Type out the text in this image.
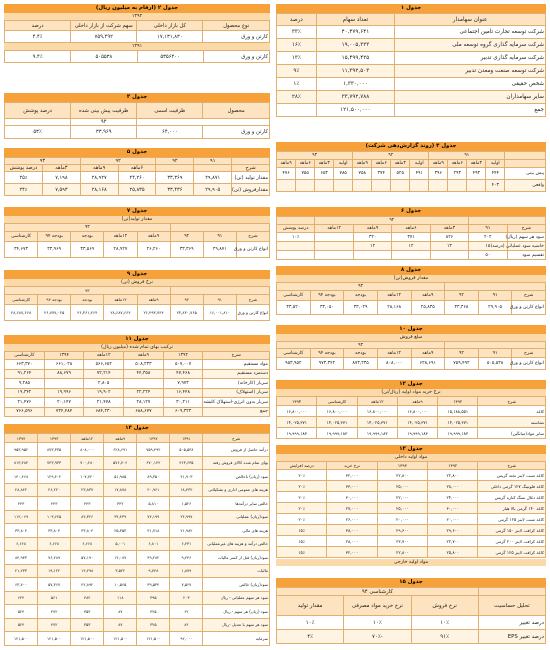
جدول ۱
عنوان سهامدار	تعداد سهام	درصد
شرکت توسعه تجارت تامین اجتماعی	۴۰,۴۷۹,۶۴۱	۳۳٪
شرکت سرمایه گذاری گروه توسعه ملی	۱۹,۰۰۵,۳۲۳	۱۶٪
شرکت سرمایه گذاری تدبیر	۱۵,۴۹۹,۴۲۵	۱۳٪
شرکت توسعه صنعت ومعدن تدبیر	۱۱,۳۹۲,۵۰۳	۹٪
شخص حقیقی	۱,۳۳۰,۰۰۰	۱٪
سایر سهامداران	۳۳,۷۹۲,۷۸۸	۲۸٪
جمع	۱۲۱,۵۰۰,۰۰۰	
جدول ۴ (روند گزارش‌دهی شرکت)
	۹۱				۹۲				۹۳			
	اولیه	۳ماهه	۶ماهه	۹ماهه	اولیه	۳ماهه	۶ماهه	۹ماهه	اولیه	۳ماهه	۶ماهه	۹ماهه
پیش بینی	۴۴۴	۴۹۳	۲۹۳	۳۹۶	۴۹۱	۵۲۵	۳۷۴	۷۵۸	۷۸۵	۶۵۳	۷۵۵	۴۷۶
واقعی	۴۰۳											
جدول ۶
		۹۲				
شرح	۹۱	۳ماهه	۶ماهه	۹ماهه	۱۲ماهه	درصد پوشش
سود هر سهم (ریال)	۲۰۲	۸۲۶	۳۷۱	۳۲۰		۱۰٪
حاشیه سود عملیاتی (درصد)	۱۵	۱۳	۱۲	۱۲		
تقسیم سود	۵۰					
جدول ۸
مقدار فروش(تن)
			۹۳				
شرح	۹۱	۹۲	۹ماهه	۱۲ماهه	بودجه	بودجه ۹۴	کارشناسی
انواع کارتن و ورق	۲۹,۹۰۵	۳۳,۳۶۸	۲۵,۸۳۵	۲۸,۱۶۸	۳۳,۰۲۹	۳۳,۰۵۰	۳۳,۵۲۰
جدول ۱۰
مبلغ فروش
			۹۳				
شرح	۹۱	۹۲	۹ماهه	۱۲ماهه	بودجه	بودجه ۹۴	کارشناسی
انواع کارتن و ورق	۵۰۵,۵۳۸	۷۵۹,۴۹۲	۶۲۸,۶۹۱	۸۰۸,۰۰۰	۸۷۳,۳۳۵	۹۷۳,۳۴۲	۹۵۳,۹۵۲
جدول ۱۲
نرخ خرید مواد اولیه (ریال/تن)
شرح	۱۳۹۲	۹ماهه	۱۲ماهه	کارشناسی	۱۳۹۴
کاغذ	۱۵,۱۸۸,۵۵۱	۱۶,۸۰۰,۰۰۰	۱۶,۸۰۰,۰۰۰	۱۶,۸۰۰,۰۰۰	۱۶,۸۰۰,۰۰۰
نشاسته	۱۴,۰۲۵,۳۷۱	۱۴,۰۲۵,۳۷۱	۱۴,۰۲۵,۳۷۱	۱۴,۰۲۵,۳۷۱	۱۴,۰۲۵,۳۷۱
سایر مواد(میانگین)	۱۹,۹۹۹,۱۸۳	۱۹,۹۹۹,۱۸۳	۱۹,۹۹۹,۱۸۳	۱۹,۹۹۹,۱۸۳	۱۹,۹۹۹,۱۸۳
جدول ۱۳
مواد اولیه داخلی
شرح	۱۳۹۲	۱۳۹۳	نرخ خرید	درصد افزایش
کاغذ تست لاینر تخته گریس	۲۲,۸۰۰	۲۲,۸۰۰	۳۲,۰۰۰	۲۰٪
کاغذ فلوتینگ ۱۲۷ گرمی داخلی	۲۸,۰۰۰	۲۵,۰۰۰	۳۳,۰۰۰	۲۰٪
کاغذ ذغال سنگ کناره گریس	۲۴,۰۰۰	۲۲,۰۰۰	۳۰,۰۰۰	۲۰٪
کاغذ ۱۴۰ گرمی بالا هبار	۳۰,۰۰۰	۲۵,۰۰۰	۲۷,۰۰۰	۲۰٪
کاغذ تست لاینر ۱۲۵ گرمی	۲۰,۰۰۰	۲۰,۰۰۰	۲۶,۰۰۰	۲۰٪
کاغذ کرافت لاینر ۱۵۰ گرمی	۲۹,۶۰۰	۲۹,۶۰۰	۳۸,۰۰۰	۱۵٪
کاغذ کرافت لاینر ۲۰۰ گرمی	۲۲,۷۰۰	۲۳,۷۰۰	۲۸,۰۰۰	۱۵٪
کاغذ کرافت لاینر ۱۲۵ گرمی	۲۵,۸۰۰	۲۲,۸۰۰	۳۲,۰۰۰	۱۵٪
مواد اولیه خارجی
جدول ۱۵
	کارشناسی ۹۴		
تحلیل حساسیت	نرخ فروش	نرخ خرید مواد مصرفی	مقدار تولید
درصد تغییر	۱۰٪	۱۰٪	۱۰٪
درصد تغییر EPS	۹۱٪	-۷۰٪	۴٪
جدول ۲ (ارقام به میلیون ریال)
۱۳۹۲
نوع محصول	کل بازار داخلی	سهم شرکت از بازار داخلی	درصد
کارتن و ورق	۱۷,۱۳۱,۸۳۰	۷۵۹,۴۹۲	۴.۴٪
۱۳۹۱
کارتن و ورق	۵۳۵۶۴۰۰	۵۰۵۵۳۸	۹.۴٪
جدول ۳
محصول	ظرفیت اسمی	ظرفیت پیش بینی شده	درصد پوشش
		۹۴	
کارتن و ورق	۶۴,۰۰۰	۳۳,۹۶۹	۵۳٪
جدول ۵
	۹۱	۹۲	۹۲		۹۳	
شرح			۶ماهه	۹ماهه	۳ماهه	درصد پوشش
مقدار تولید (تن)	۲۹,۸۷۱	۳۳,۳۶۹	۲۴,۲۶۰	۲۸,۹۲۷	۷,۱۹۸	۲۵٪
مقدارفروش (تن)	۲۹,۹۰۵	۳۳,۴۳۶	۲۵,۸۳۵	۲۸,۱۶۸	۷,۵۹۳	۲۴٪
جدول ۷
مقدار تولید(تن)
			۹۳				
شرح	۹۱	۹۲	۹ماهه	۱۲ماهه	بودجه	بودجه ۹۴	کارشناسی
انواع کارتن و ورق	۲۹,۸۷۱	۳۳,۳۶۹	۲۶,۲۶۰	۲۸,۹۲۷	۳۳,۵۶۹	۳۳,۹۶۹	۳۴,۶۷۳
جدول ۹
نرخ فروش (تن)
			۹۳				
شرح	۹۱	۹۲	۹ماهه	۱۲ماهه	بودجه	بودجه ۹۴	کارشناسی
انواع کارتن و ورق	۱۶,۰۰۱,۸۱۰	۲۳,۸۳۰,۷۶۵	۲۶,۴۹۳,۷۴۴	۲۸,۶۸۷,۶۶۴	۲۶,۳۶۱,۲۶۴	۲۶,۷۷۷,۰۲۵	۲۸,۶۸۷,۶۶۸
جدول ۱۱
ترکیب بهای تمام شده (میلیون ریال)
شرح	۱۳۹۲	۹ماهه	۱۲ماهه	۱۳۹۴	کارشناسی
مواد مستقیم	۵۰۷,۰۰۷	۵۰۸,۲۳۳	۵۶۶,۶۵۲	۶۶۱,۰۲۸	۶۶۳,۳۷۰
دستمزد مستقیم	۴۷,۴۶۸	۴۴,۳۵۸	۷۲,۲۱۴	۸۸,۶۷۹	۹۱,۲۶۴
سربار (کارخانه)	۷,۹۷۳		۲,۸۰۵		۹,۲۸۵
سربار (استهلاک)	۱۶,۴۴۸	۲۲,۲۲۴	۱۹,۹۰۲	۱۹,۹۹۶	۱۹,۳۴۲
سربار بدون انرژی-استهلاک کلیشه	۳۰,۲۱۱	۲۸,۱۲۷	۲۱,۴۷۸	۲۰,۱۴۷	۲۱,۴۷۶
جمع	۶۰۹,۳۲۳	۶۸۸,۶۷۷	۶۸۴,۲۳۰	۷۳۴,۴۸۴	۷۶۶,۵۹۶
جدول ۱۴
شرح	۱۳۹۱	۱۳۹۲	۹ماهه	۱۲ماهه	۱۳۹۳	۱۳۹۴
درآمد حاصل از فروش	۵۰۵,۵۳۸	۷۵۹,۴۹۲	۶۲۸,۶۹۱	۸۰۸,۰۰۰	۸۷۳,۳۳۵	۹۵۳,۹۵۲
بهای تمام شده کالای فروش رفته	۴۶۳,۶۳۵	۶۷۰,۱۴۲	۵۷۶,۷۰۶	۷۰۰,۲۸۰	۷۴۳,۹۳۳	۸۱۳,۴۸۴
سود (زیان) ناخالص	۴۱,۹۰۳	۸۹,۳۵۰	۵۱,۹۸۵	۱۰۷,۷۲۰	۱۲۹,۴۰۲	۱۴۰,۴۶۸
هزینه های عمومی اداری و تشکیلاتی	۱۸,۴۳۲	۲۰,۹۶۱	۱۷,۸۷۸	۲۳,۸۳۷	۲۶,۲۲۰	۲۸,۸۴۲
خالص سایر درآمدها	۱,۵۲۶	۵,۸۱۰	۳۳۲	۴۴۳	۴۴۳	۴۴۳
سود(زیان) عملیاتی	۲۴,۹۹۷	۷۴,۱۹۹	۳۴,۴۳۹	۸۴,۳۲۶	۱۰۳,۶۲۵	۱۱۲,۰۶۹
هزینه های مالی	۲۱,۹۸۲	۳۱,۷۱۸	۲۵,۳۵۳	۳۳,۸۰۴	۳۳,۸۰۴	۳۳,۸۰۴
خالص درآمد و هزینه های غیرعملیاتی	۶,۴۳۱	۶,۸۰۱	۵,۰۰۱	۶,۶۶۸	۶,۶۶۸	۶,۶۶۸
سود(زیان) قبل از کسر مالیات	۹,۴۴۶	۴۹,۲۸۲	۱۴,۰۸۷	۵۷,۱۹۰	۷۶,۴۸۹	۸۴,۹۳۳
مالیات	۱,۸۷۹	۹,۷۴۸	۳,۵۲۲	۱۴,۲۹۸	۱۹,۱۲۲	۲۱,۲۳۳
سود(زیان) خالص	۷,۵۶۷	۳۹,۵۳۴	۱۰,۵۶۵	۴۲,۸۹۲	۵۷,۳۶۷	۶۳,۷۰۰
سود هر سهم عملیاتی - ریال	۲۰۳	۳۹۵	۱۱۸	۴۸۲	۵۶۱	۶۲۴
سود (زیان) هر سهم - ریال	۶۲	۳۲۵	۸۷	۳۵۳	۴۷۲	۵۲۴
سود هر سهم با تعدیل -ریال	۸۲	۳۲۵	۸۷	۳۵۳	۴۷۲	۵۲۴
سرمایه	۹۲,۰۰۰	۱۲۱,۵۰۰	۱۲۱,۵۰۰	۱۲۱,۵۰۰	۱۲۱,۵۰۰	۱۲۱,۵۰۰
